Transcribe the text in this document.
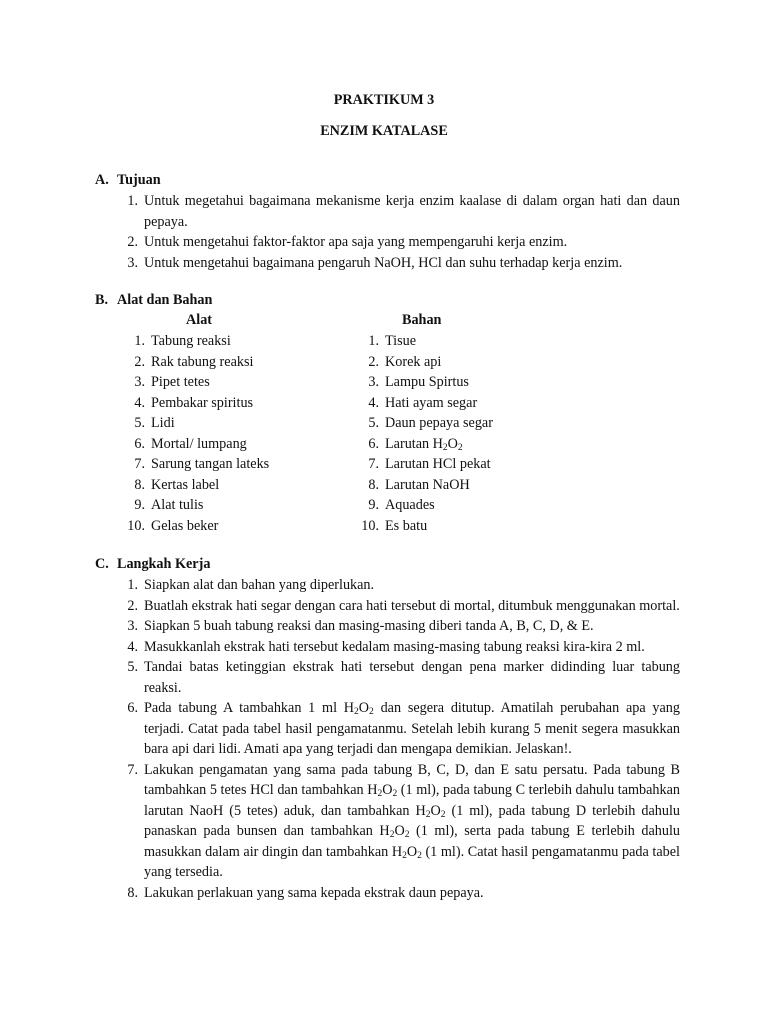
PRAKTIKUM 3
ENZIM KATALASE
A. Tujuan
1. Untuk megetahui bagaimana mekanisme kerja enzim kaalase di dalam organ hati dan daun pepaya.
2. Untuk mengetahui faktor-faktor apa saja yang mempengaruhi kerja enzim.
3. Untuk mengetahui bagaimana pengaruh NaOH, HCl dan suhu terhadap kerja enzim.
B. Alat dan Bahan
Alat	Bahan
1. Tabung reaksi
2. Rak tabung reaksi
3. Pipet tetes
4. Pembakar spiritus
5. Lidi
6. Mortal/ lumpang
7. Sarung tangan lateks
8. Kertas label
9. Alat tulis
10. Gelas beker
1. Tisue
2. Korek api
3. Lampu Spirtus
4. Hati ayam segar
5. Daun pepaya segar
6. Larutan $H_2O_2$
7. Larutan HCl pekat
8. Larutan NaOH
9. Aquades
10. Es batu
C. Langkah Kerja
1. Siapkan alat dan bahan yang diperlukan.
2. Buatlah ekstrak hati segar dengan cara hati tersebut di mortal, ditumbuk menggunakan mortal.
3. Siapkan 5 buah tabung reaksi dan masing-masing diberi tanda A, B, C, D, & E.
4. Masukkanlah ekstrak hati tersebut kedalam masing-masing tabung reaksi kira-kira 2 ml.
5. Tandai batas ketinggian ekstrak hati tersebut dengan pena marker didinding luar tabung reaksi.
6. Pada tabung A tambahkan 1 ml $H_2O_2$ dan segera ditutup. Amatilah perubahan apa yang terjadi. Catat pada tabel hasil pengamatanmu. Setelah lebih kurang 5 menit segera masukkan bara api dari lidi. Amati apa yang terjadi dan mengapa demikian. Jelaskan!.
7. Lakukan pengamatan yang sama pada tabung B, C, D, dan E satu persatu. Pada tabung B tambahkan 5 tetes HCl dan tambahkan $H_2O_2$ (1 ml), pada tabung C terlebih dahulu tambahkan larutan NaoH (5 tetes) aduk, dan tambahkan $H_2O_2$ (1 ml), pada tabung D terlebih dahulu panaskan pada bunsen dan tambahkan $H_2O_2$ (1 ml), serta pada tabung E terlebih dahulu masukkan dalam air dingin dan tambahkan $H_2O_2$ (1 ml). Catat hasil pengamatanmu pada tabel yang tersedia.
8. Lakukan perlakuan yang sama kepada ekstrak daun pepaya.
